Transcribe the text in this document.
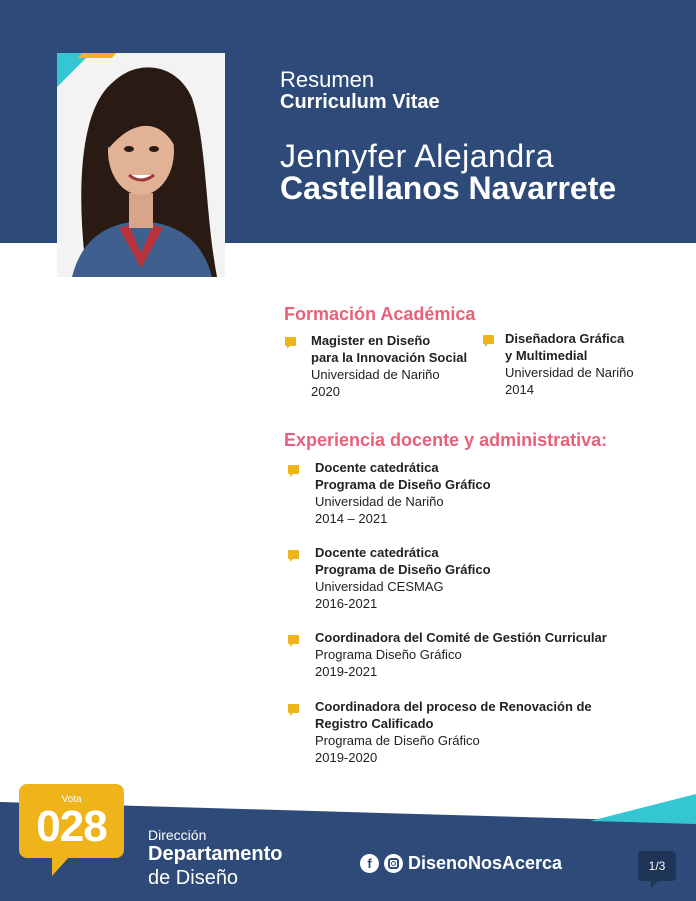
Resumen
Curriculum Vitae
Jennyfer Alejandra
Castellanos Navarrete
Formación Académica
Magister en Diseño
para la Innovación Social
Universidad de Nariño
2020
Diseñadora Gráfica
y Multimedial
Universidad de Nariño
2014
Experiencia docente y administrativa:
Docente catedrática
Programa de Diseño Gráfico
Universidad de Nariño
2014 – 2021
Docente catedrática
Programa de Diseño Gráfico
Universidad CESMAG
2016-2021
Coordinadora del Comité de Gestión Curricular
Programa Diseño Gráfico
2019-2021
Coordinadora del proceso de Renovación de
Registro Calificado
Programa de Diseño Gráfico
2019-2020
Vota
028	Dirección
Departamento
de Diseño
f	DisenoNosAcerca	1/3
